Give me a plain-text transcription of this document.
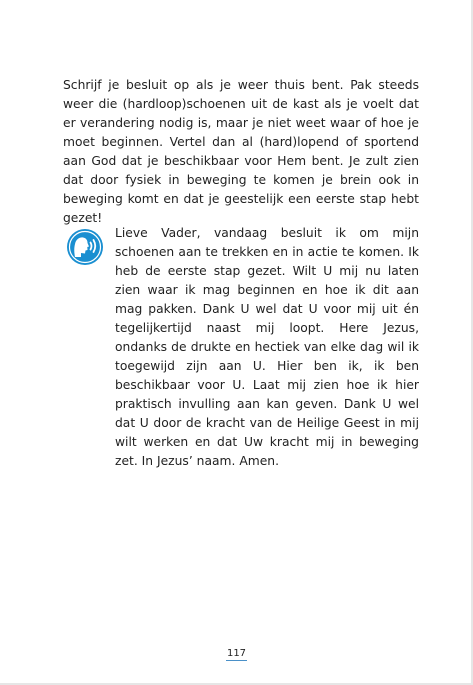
Schrijf je besluit op als je weer thuis bent. Pak steeds weer die (hardloop)schoenen uit de kast als je voelt dat er verandering nodig is, maar je niet weet waar of hoe je moet beginnen. Vertel dan al (hard)lopend of sportend aan God dat je beschikbaar voor Hem bent. Je zult zien dat door fysiek in beweging te komen je brein ook in beweging komt en dat je geestelijk een eerste stap hebt gezet!

Lieve Vader, vandaag besluit ik om mijn schoenen aan te trekken en in actie te komen. Ik heb de eerste stap gezet. Wilt U mij nu laten zien waar ik mag beginnen en hoe ik dit aan mag pakken. Dank U wel dat U voor mij uit én tegelijkertijd naast mij loopt. Here Jezus, ondanks de drukte en hectiek van elke dag wil ik toegewijd zijn aan U. Hier ben ik, ik ben beschikbaar voor U. Laat mij zien hoe ik hier praktisch invulling aan kan geven. Dank U wel dat U door de kracht van de Heilige Geest in mij wilt werken en dat Uw kracht mij in beweging zet. In Jezus’ naam. Amen.

117
